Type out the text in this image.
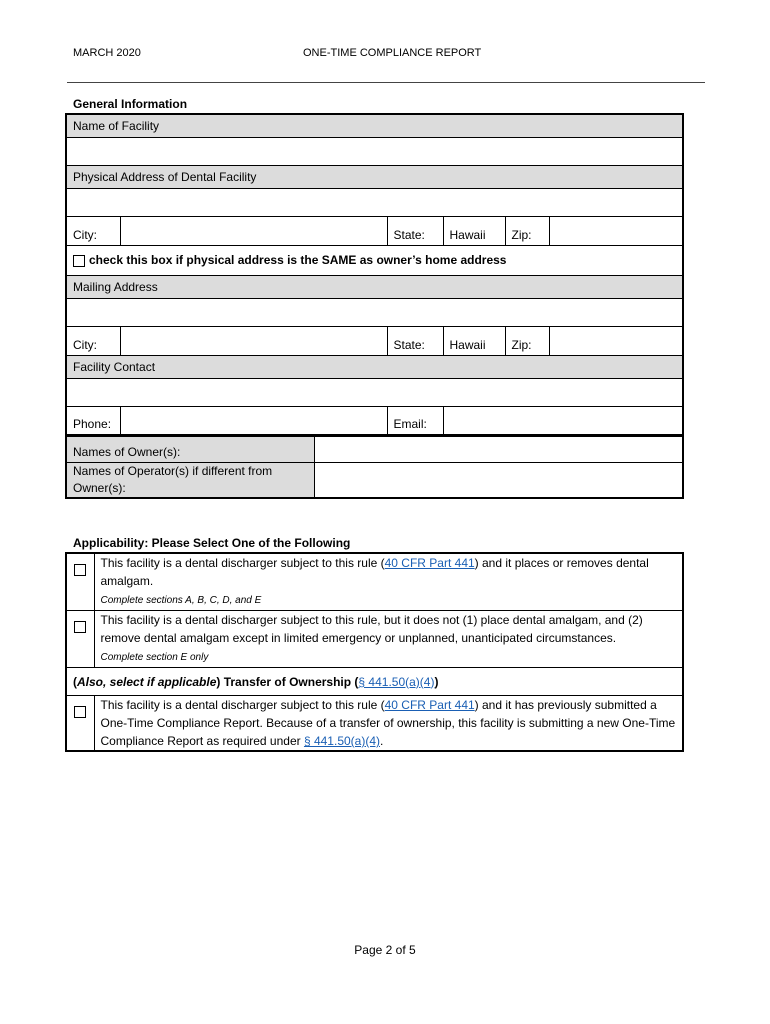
MARCH 2020	ONE-TIME COMPLIANCE REPORT
General Information
Name of Facility					

Physical Address of Dental Facility					

City:		State:	Hawaii	Zip:	
check this box if physical address is the SAME as owner’s home address					
Mailing Address					

City:		State:	Hawaii	Zip:	
Facility Contact					

Phone:		Email:			
Names of Owner(s):	
Names of Operator(s) if different from Owner(s):	
Applicability: Please Select One of the Following
	This facility is a dental discharger subject to this rule (40 CFR Part 441) and it places or removes dental amalgam.
Complete sections A, B, C, D, and E
	This facility is a dental discharger subject to this rule, but it does not (1) place dental amalgam, and (2) remove dental amalgam except in limited emergency or unplanned, unanticipated circumstances.
Complete section E only
(Also, select if applicable) Transfer of Ownership (§ 441.50(a)(4))	
	This facility is a dental discharger subject to this rule (40 CFR Part 441) and it has previously submitted a One-Time Compliance Report. Because of a transfer of ownership, this facility is submitting a new One-Time Compliance Report as required under § 441.50(a)(4).
Page 2 of 5
